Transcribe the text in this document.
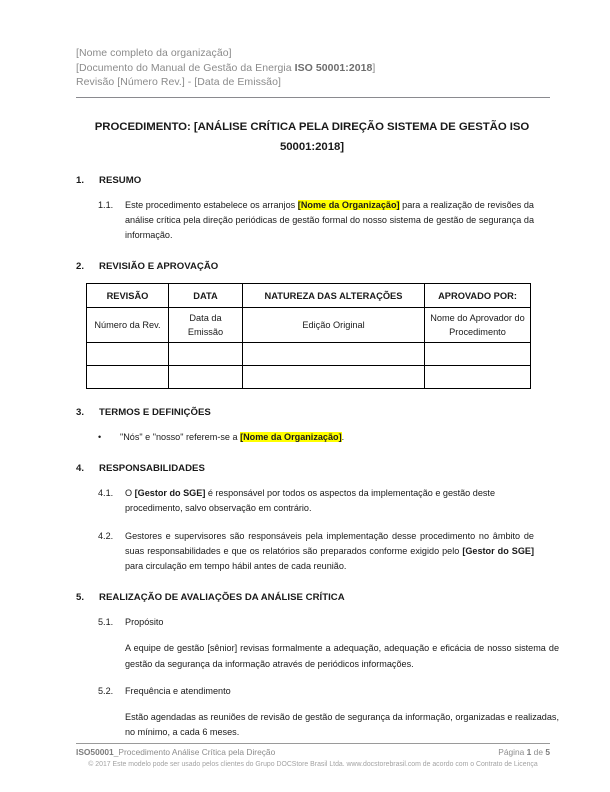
[Nome completo da organização]
[Documento do Manual de Gestão da Energia ISO 50001:2018]
Revisão [Número Rev.] - [Data de Emissão]
PROCEDIMENTO: [ANÁLISE CRÍTICA PELA DIREÇÃO SISTEMA DE GESTÃO ISO 50001:2018]
1.	RESUMO
1.1.	Este procedimento estabelece os arranjos [Nome da Organização] para a realização de revisões da análise crítica pela direção periódicas de gestão formal do nosso sistema de gestão de segurança da informação.
2.	REVISIÃO E APROVAÇÃO
REVISÃO	DATA	NATUREZA DAS ALTERAÇÕES	APROVADO POR:
Número da Rev.	Data da Emissão	Edição Original	Nome do Aprovador do Procedimento

3.	TERMOS E DEFINIÇÕES
•	"Nós" e "nosso" referem-se a [Nome da Organização].
4.	RESPONSABILIDADES
4.1.	O [Gestor do SGE] é responsável por todos os aspectos da implementação e gestão deste procedimento, salvo observação em contrário.
4.2.	Gestores e supervisores são responsáveis pela implementação desse procedimento no âmbito de suas responsabilidades e que os relatórios são preparados conforme exigido pelo [Gestor do SGE] para circulação em tempo hábil antes de cada reunião.
5.	REALIZAÇÃO DE AVALIAÇÕES DA ANÁLISE CRÍTICA
5.1.	Propósito
A equipe de gestão [sênior] revisas formalmente a adequação, adequação e eficácia de nosso sistema de gestão da segurança da informação através de periódicos informações.
5.2.	Frequência e atendimento
Estão agendadas as reuniões de revisão de gestão de segurança da informação, organizadas e realizadas, no mínimo, a cada 6 meses.
ISO50001_Procedimento Análise Crítica pela Direção	Página 1 de 5
© 2017 Este modelo pode ser usado pelos clientes do Grupo DOCStore Brasil Ltda. www.docstorebrasil.com de acordo com o Contrato de Licença
